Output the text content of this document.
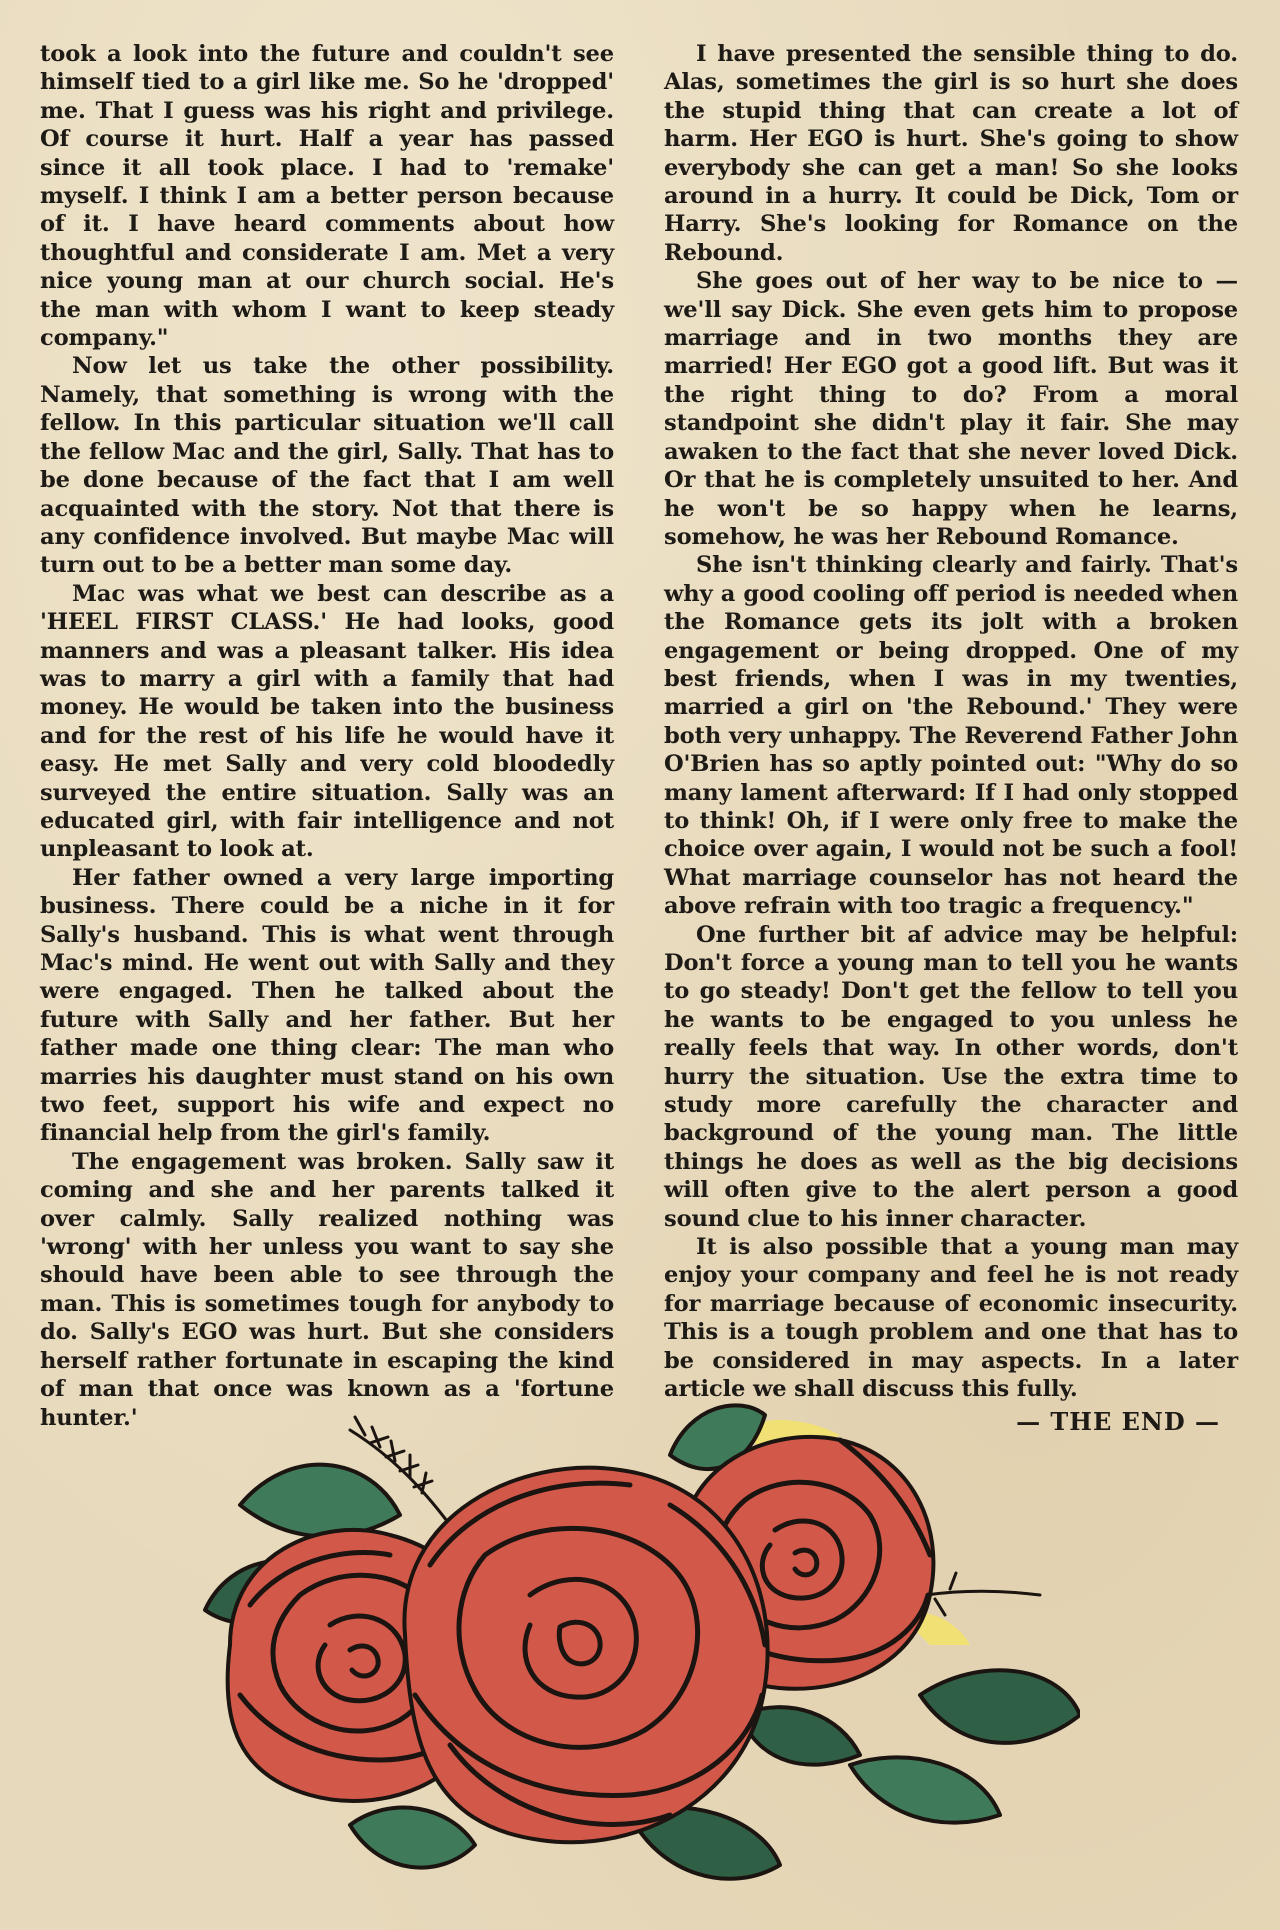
took a look into the future and couldn't see himself tied to a girl like me. So he 'dropped' me. That I guess was his right and privilege. Of course it hurt. Half a year has passed since it all took place. I had to 'remake' myself. I think I am a better person because of it. I have heard comments about how thoughtful and considerate I am. Met a very nice young man at our church social. He's the man with whom I want to keep steady company."

Now let us take the other possibility. Namely, that something is wrong with the fellow. In this particular situation we'll call the fellow Mac and the girl, Sally. That has to be done because of the fact that I am well acquainted with the story. Not that there is any confidence involved. But maybe Mac will turn out to be a better man some day.

Mac was what we best can describe as a 'HEEL FIRST CLASS.' He had looks, good manners and was a pleasant talker. His idea was to marry a girl with a family that had money. He would be taken into the business and for the rest of his life he would have it easy. He met Sally and very cold bloodedly surveyed the entire situation. Sally was an educated girl, with fair intelligence and not unpleasant to look at.

Her father owned a very large importing business. There could be a niche in it for Sally's husband. This is what went through Mac's mind. He went out with Sally and they were engaged. Then he talked about the future with Sally and her father. But her father made one thing clear: The man who marries his daughter must stand on his own two feet, support his wife and expect no financial help from the girl's family.

The engagement was broken. Sally saw it coming and she and her parents talked it over calmly. Sally realized nothing was 'wrong' with her unless you want to say she should have been able to see through the man. This is sometimes tough for anybody to do. Sally's EGO was hurt. But she considers herself rather fortunate in escaping the kind of man that once was known as a 'fortune hunter.'

I have presented the sensible thing to do. Alas, sometimes the girl is so hurt she does the stupid thing that can create a lot of harm. Her EGO is hurt. She's going to show everybody she can get a man! So she looks around in a hurry. It could be Dick, Tom or Harry. She's looking for Romance on the Rebound.

She goes out of her way to be nice to — we'll say Dick. She even gets him to propose marriage and in two months they are married! Her EGO got a good lift. But was it the right thing to do? From a moral standpoint she didn't play it fair. She may awaken to the fact that she never loved Dick. Or that he is completely unsuited to her. And he won't be so happy when he learns, somehow, he was her Rebound Romance.

She isn't thinking clearly and fairly. That's why a good cooling off period is needed when the Romance gets its jolt with a broken engagement or being dropped. One of my best friends, when I was in my twenties, married a girl on 'the Rebound.' They were both very unhappy. The Reverend Father John O'Brien has so aptly pointed out: "Why do so many lament afterward: If I had only stopped to think! Oh, if I were only free to make the choice over again, I would not be such a fool! What marriage counselor has not heard the above refrain with too tragic a frequency."

One further bit af advice may be helpful: Don't force a young man to tell you he wants to go steady! Don't get the fellow to tell you he wants to be engaged to you unless he really feels that way. In other words, don't hurry the situation. Use the extra time to study more carefully the character and background of the young man. The little things he does as well as the big decisions will often give to the alert person a good sound clue to his inner character.

It is also possible that a young man may enjoy your company and feel he is not ready for marriage because of economic insecurity. This is a tough problem and one that has to be considered in may aspects. In a later article we shall discuss this fully.

— THE END —
